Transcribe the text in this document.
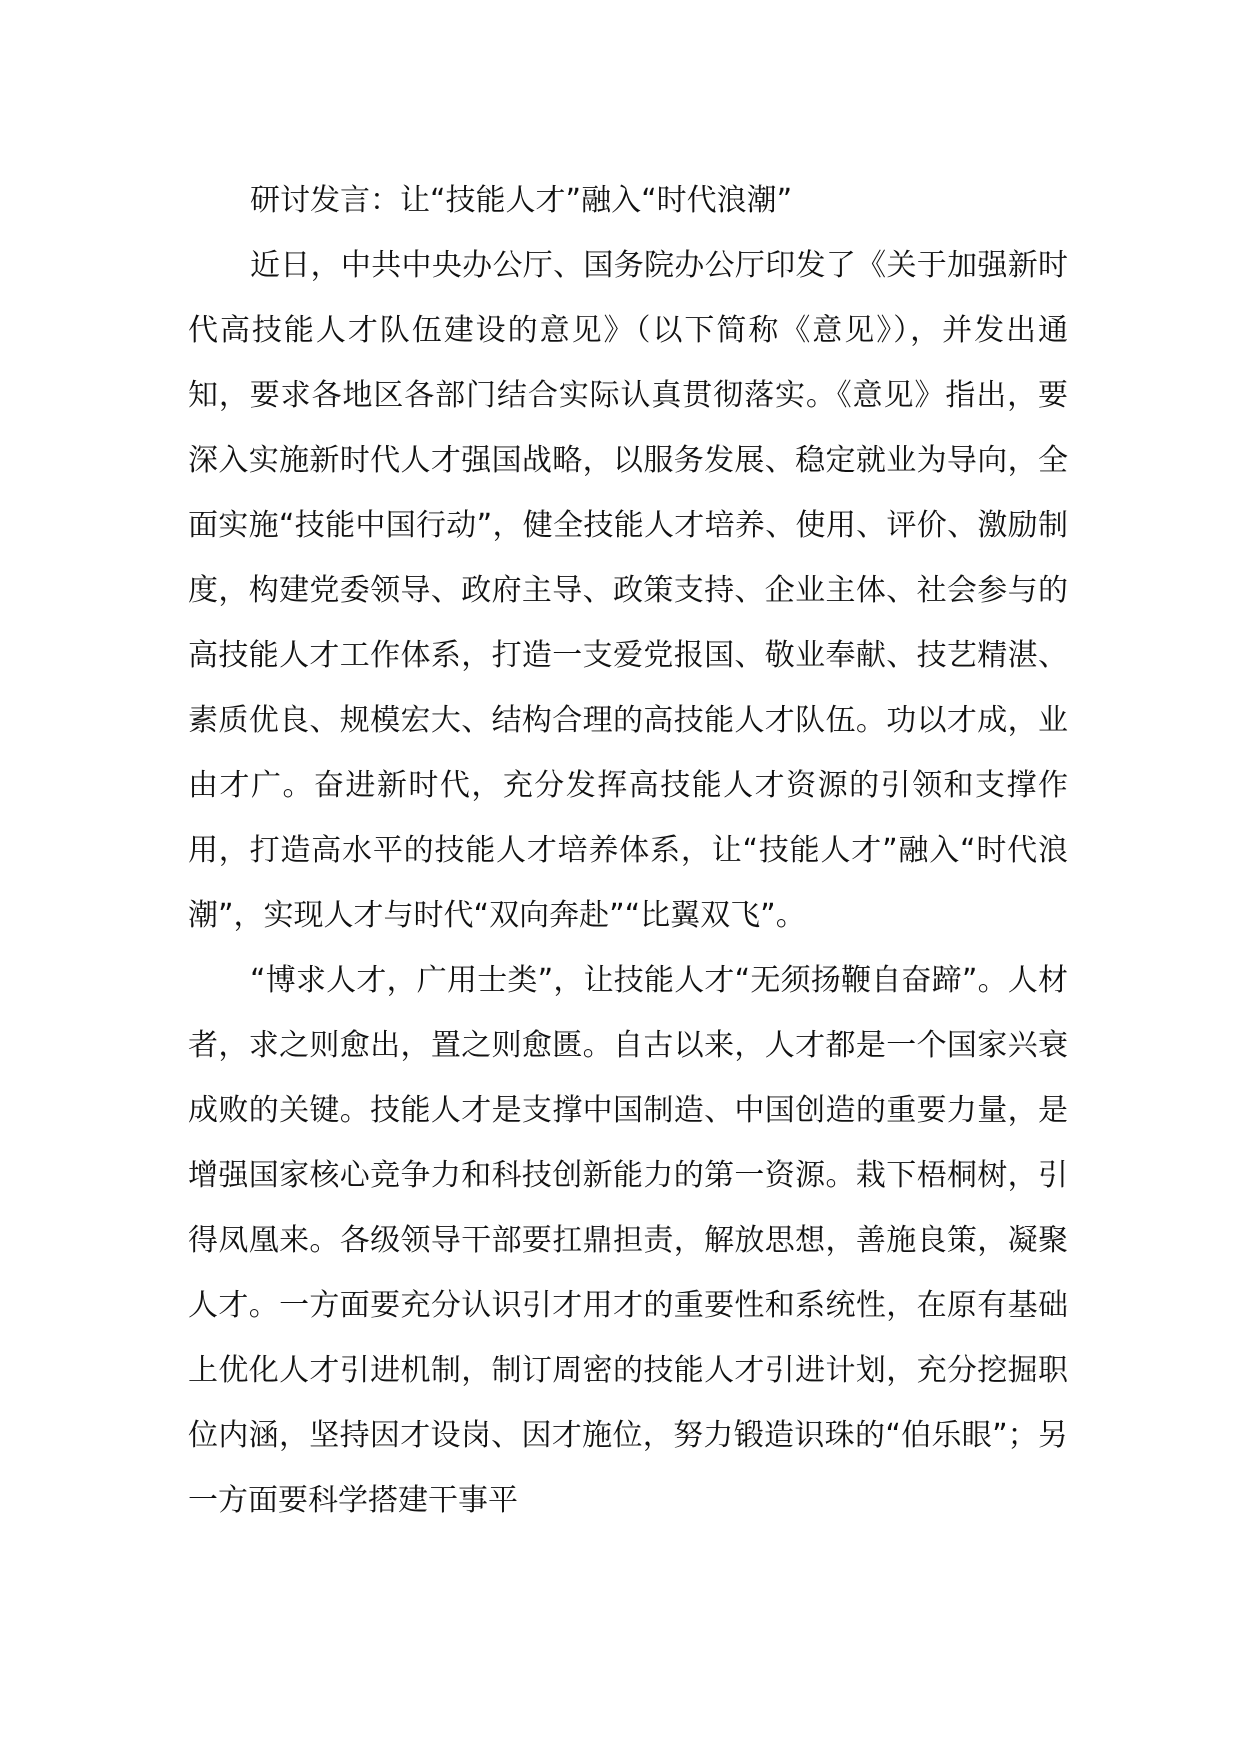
研讨发言：让“技能人才”融入“时代浪潮”

近日，中共中央办公厅、国务院办公厅印发了《关于加强新时代高技能人才队伍建设的意见》（以下简称《意见》），并发出通知，要求各地区各部门结合实际认真贯彻落实。《意见》指出，要深入实施新时代人才强国战略，以服务发展、稳定就业为导向，全面实施“技能中国行动”，健全技能人才培养、使用、评价、激励制度，构建党委领导、政府主导、政策支持、企业主体、社会参与的高技能人才工作体系，打造一支爱党报国、敬业奉献、技艺精湛、素质优良、规模宏大、结构合理的高技能人才队伍。功以才成，业由才广。奋进新时代，充分发挥高技能人才资源的引领和支撑作用，打造高水平的技能人才培养体系，让“技能人才”融入“时代浪潮”，实现人才与时代“双向奔赴”“比翼双飞”。

“博求人才，广用士类”，让技能人才“无须扬鞭自奋蹄”。人材者，求之则愈出，置之则愈匮。自古以来，人才都是一个国家兴衰成败的关键。技能人才是支撑中国制造、中国创造的重要力量，是增强国家核心竞争力和科技创新能力的第一资源。栽下梧桐树，引得凤凰来。各级领导干部要扛鼎担责，解放思想，善施良策，凝聚人才。一方面要充分认识引才用才的重要性和系统性，在原有基础上优化人才引进机制，制订周密的技能人才引进计划，充分挖掘职位内涵，坚持因才设岗、因才施位，努力锻造识珠的“伯乐眼”；另一方面要科学搭建干事平
